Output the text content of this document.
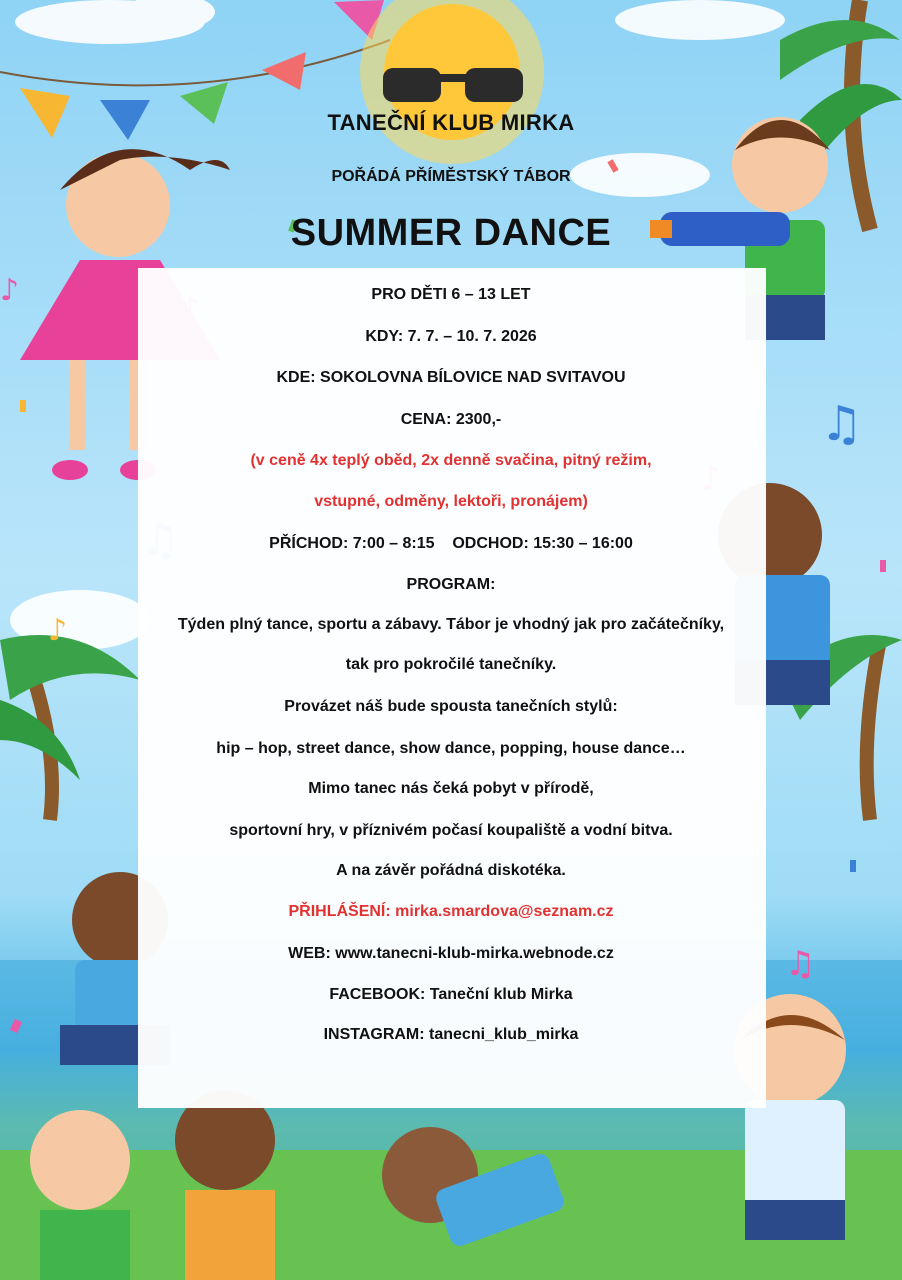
♫
♪
♫
♪
TANEČNÍ KLUB MIRKA
POŘÁDÁ PŘÍMĚSTSKÝ TÁBOR
SUMMER DANCE
PRO DĚTI 6 – 13 LET
KDY: 7. 7. – 10. 7. 2026
KDE: SOKOLOVNA BÍLOVICE NAD SVITAVOU
CENA: 2300,-
(v ceně 4x teplý oběd, 2x denně svačina, pitný režim,
vstupné, odměny, lektoři, pronájem)
PŘÍCHOD: 7:00 – 8:15    ODCHOD: 15:30 – 16:00
PROGRAM:
Týden plný tance, sportu a zábavy. Tábor je vhodný jak pro začátečníky,
tak pro pokročilé tanečníky.
Provázet náš bude spousta tanečních stylů:
hip – hop, street dance, show dance, popping, house dance…
Mimo tanec nás čeká pobyt v přírodě,
sportovní hry, v příznivém počasí koupaliště a vodní bitva.
A na závěr pořádná diskotéka.
PŘIHLÁŠENÍ: mirka.smardova@seznam.cz
WEB: www.tanecni-klub-mirka.webnode.cz
FACEBOOK: Taneční klub Mirka
INSTAGRAM: tanecni_klub_mirka
